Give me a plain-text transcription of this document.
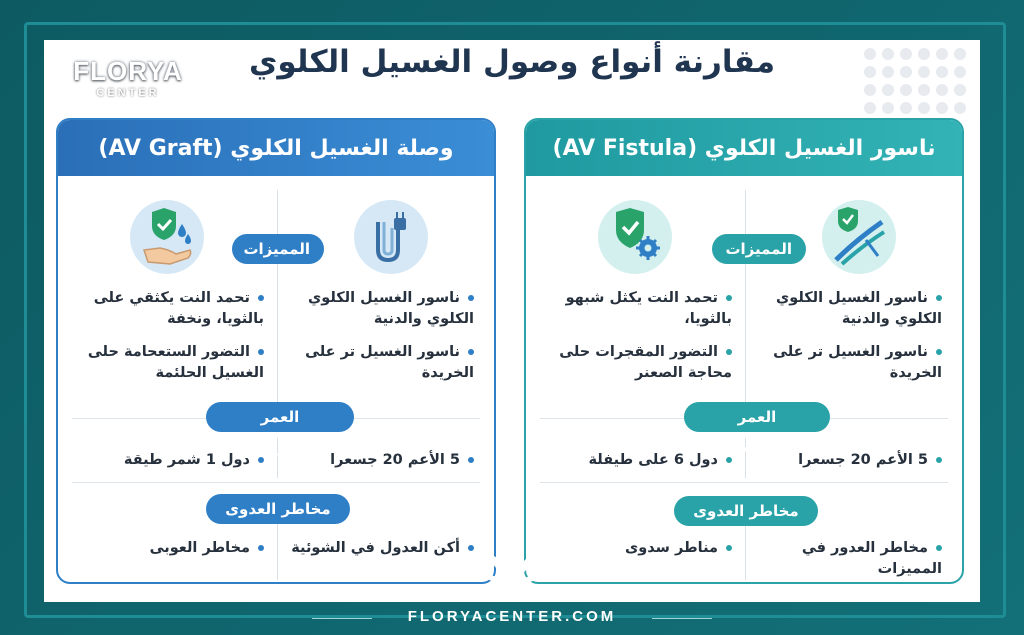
FLORYA
CENTER
مقارنة أنواع وصول الغسيل الكلوي
وصلة الغسيل الكلوي (AV Graft)
المميزات
ناسور الغسيل الكلوي الكلوي والدنية
تحمد النت يكثقي على بالثويا، ونخفة
ناسور الغسيل تر على الخريدة
التضور الستعحامة حلى الغسيل الحلئمة
العمر الافتراضي
5 الأعم 20 جسعرا
دول 1 شمر طيقة
مخاطر العدوى
أكن العدول في الشوئية
مخاطر العوبى
ناسور الغسيل الكلوي (AV Fistula)
المميزات
ناسور الغسيل الكلوي الكلوي والدنية
تحمد النت يكثل شبهو بالثويا،
ناسور الغسيل تر على الخريدة
التضور المقجرات حلى محاجة الصعنر
العمر الافتراضي
5 الأعم 20 جسعرا
دول 6 على طيفلة
مخاطر العدوى
مخاطر العدور في المميزات
مناطر سدوى
FLORYACENTER.COM
